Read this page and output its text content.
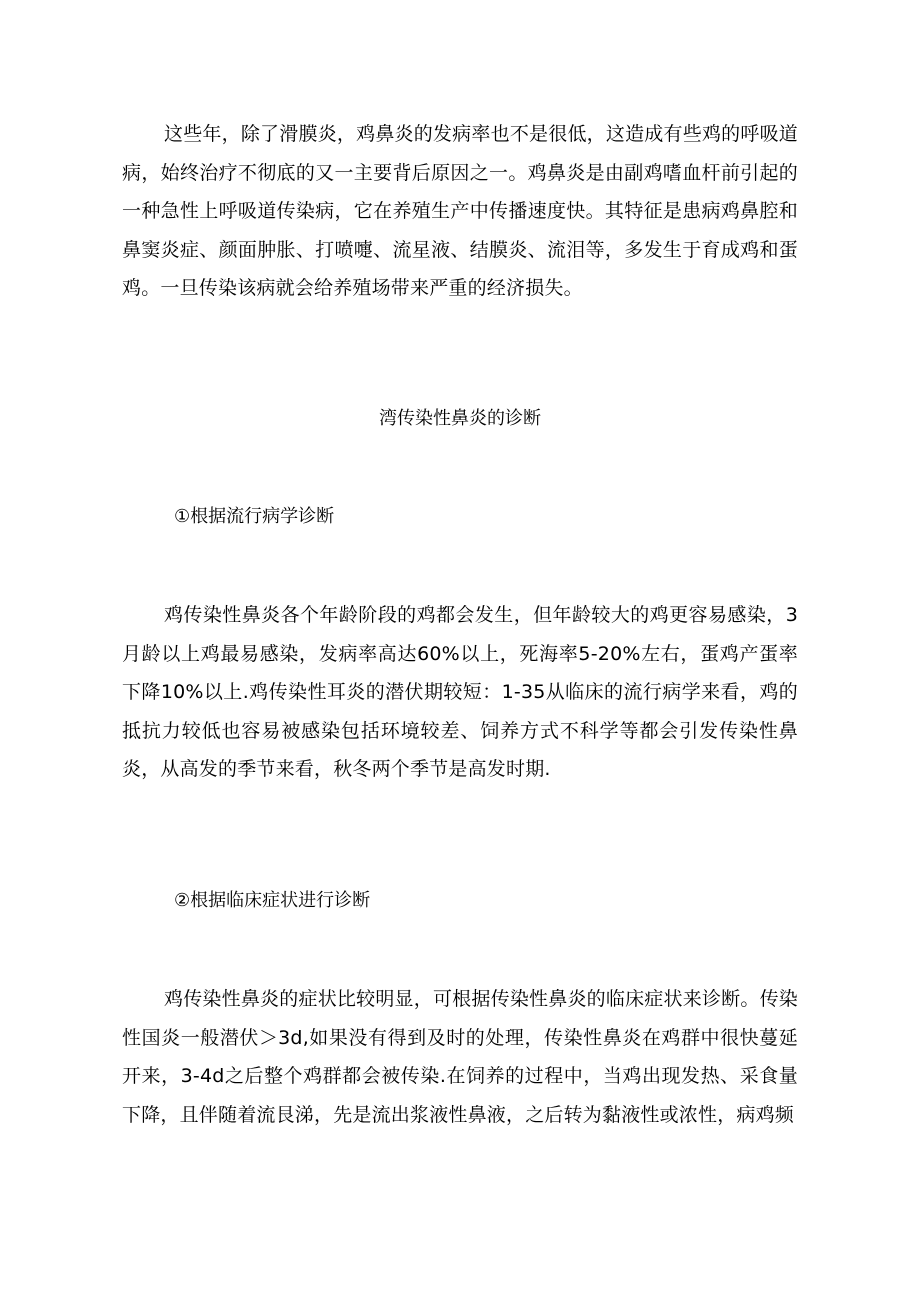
这些年，除了滑膜炎，鸡鼻炎的发病率也不是很低，这造成有些鸡的呼吸道病，始终治疗不彻底的又一主要背后原因之一。鸡鼻炎是由副鸡嗜血杆前引起的一种急性上呼吸道传染病，它在养殖生产中传播速度快。其特征是患病鸡鼻腔和鼻窦炎症、颜面肿胀、打喷嚏、流星液、结膜炎、流泪等，多发生于育成鸡和蛋鸡。一旦传染该病就会给养殖场带来严重的经济损失。

湾传染性鼻炎的诊断

①根据流行病学诊断

鸡传染性鼻炎各个年龄阶段的鸡都会发生，但年龄较大的鸡更容易感染，3月龄以上鸡最易感染，发病率高达60%以上，死海率5-20%左右，蛋鸡产蛋率下降10%以上.鸡传染性耳炎的潜伏期较短：1-35从临床的流行病学来看，鸡的抵抗力较低也容易被感染包括环境较差、饲养方式不科学等都会引发传染性鼻炎，从高发的季节来看，秋冬两个季节是高发时期.

②根据临床症状进行诊断

鸡传染性鼻炎的症状比较明显，可根据传染性鼻炎的临床症状来诊断。传染性国炎一般潜伏＞3d,如果没有得到及时的处理，传染性鼻炎在鸡群中很快蔓延开来，3-4d之后整个鸡群都会被传染.在饲养的过程中，当鸡出现发热、采食量下降，且伴随着流艮涕，先是流出浆液性鼻液，之后转为黏液性或浓性，病鸡频
